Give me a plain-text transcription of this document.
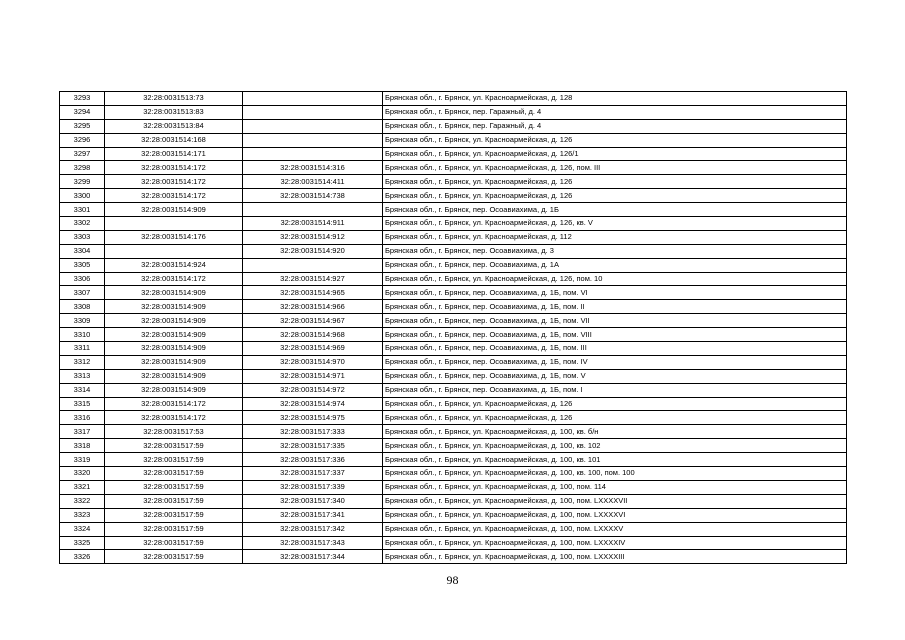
3293	32:28:0031513:73		Брянская обл., г. Брянск, ул. Красноармейская, д. 128
3294	32:28:0031513:83		Брянская обл., г. Брянск, пер. Гаражный, д. 4
3295	32:28:0031513:84		Брянская обл., г. Брянск, пер. Гаражный, д. 4
3296	32:28:0031514:168		Брянская обл., г. Брянск, ул. Красноармейская, д. 126
3297	32:28:0031514:171		Брянская обл., г. Брянск, ул. Красноармейская, д. 126/1
3298	32:28:0031514:172	32:28:0031514:316	Брянская обл., г. Брянск, ул. Красноармейская, д. 126, пом. III
3299	32:28:0031514:172	32:28:0031514:411	Брянская обл., г. Брянск, ул. Красноармейская, д. 126
3300	32:28:0031514:172	32:28:0031514:738	Брянская обл., г. Брянск, ул. Красноармейская, д. 126
3301	32:28:0031514:909		Брянская обл., г. Брянск, пер. Осоавиахима, д. 1Б
3302		32:28:0031514:911	Брянская обл., г. Брянск, ул. Красноармейская, д. 126, кв. V
3303	32:28:0031514:176	32:28:0031514:912	Брянская обл., г. Брянск, ул. Красноармейская, д. 112
3304		32:28:0031514:920	Брянская обл., г. Брянск, пер. Осоавиахима, д. 3
3305	32:28:0031514:924		Брянская обл., г. Брянск, пер. Осоавиахима, д. 1А
3306	32:28:0031514:172	32:28:0031514:927	Брянская обл., г. Брянск, ул. Красноармейская, д. 126, пом. 10
3307	32:28:0031514:909	32:28:0031514:965	Брянская обл., г. Брянск, пер. Осоавиахима, д. 1Б, пом. VI
3308	32:28:0031514:909	32:28:0031514:966	Брянская обл., г. Брянск, пер. Осоавиахима, д. 1Б, пом. II
3309	32:28:0031514:909	32:28:0031514:967	Брянская обл., г. Брянск, пер. Осоавиахима, д. 1Б, пом. VII
3310	32:28:0031514:909	32:28:0031514:968	Брянская обл., г. Брянск, пер. Осоавиахима, д. 1Б, пом. VIII
3311	32:28:0031514:909	32:28:0031514:969	Брянская обл., г. Брянск, пер. Осоавиахима, д. 1Б, пом. III
3312	32:28:0031514:909	32:28:0031514:970	Брянская обл., г. Брянск, пер. Осоавиахима, д. 1Б, пом. IV
3313	32:28:0031514:909	32:28:0031514:971	Брянская обл., г. Брянск, пер. Осоавиахима, д. 1Б, пом. V
3314	32:28:0031514:909	32:28:0031514:972	Брянская обл., г. Брянск, пер. Осоавиахима, д. 1Б, пом. I
3315	32:28:0031514:172	32:28:0031514:974	Брянская обл., г. Брянск, ул. Красноармейская, д. 126
3316	32:28:0031514:172	32:28:0031514:975	Брянская обл., г. Брянск, ул. Красноармейская, д. 126
3317	32:28:0031517:53	32:28:0031517:333	Брянская обл., г. Брянск, ул. Красноармейская, д. 100, кв. б/н
3318	32:28:0031517:59	32:28:0031517:335	Брянская обл., г. Брянск, ул. Красноармейская, д. 100, кв. 102
3319	32:28:0031517:59	32:28:0031517:336	Брянская обл., г. Брянск, ул. Красноармейская, д. 100, кв. 101
3320	32:28:0031517:59	32:28:0031517:337	Брянская обл., г. Брянск, ул. Красноармейская, д. 100, кв. 100, пом. 100
3321	32:28:0031517:59	32:28:0031517:339	Брянская обл., г. Брянск, ул. Красноармейская, д. 100, пом. 114
3322	32:28:0031517:59	32:28:0031517:340	Брянская обл., г. Брянск, ул. Красноармейская, д. 100, пом. LXXXXVII
3323	32:28:0031517:59	32:28:0031517:341	Брянская обл., г. Брянск, ул. Красноармейская, д. 100, пом. LXXXXVI
3324	32:28:0031517:59	32:28:0031517:342	Брянская обл., г. Брянск, ул. Красноармейская, д. 100, пом. LXXXXV
3325	32:28:0031517:59	32:28:0031517:343	Брянская обл., г. Брянск, ул. Красноармейская, д. 100, пом. LXXXXIV
3326	32:28:0031517:59	32:28:0031517:344	Брянская обл., г. Брянск, ул. Красноармейская, д. 100, пом. LXXXXIII
98
